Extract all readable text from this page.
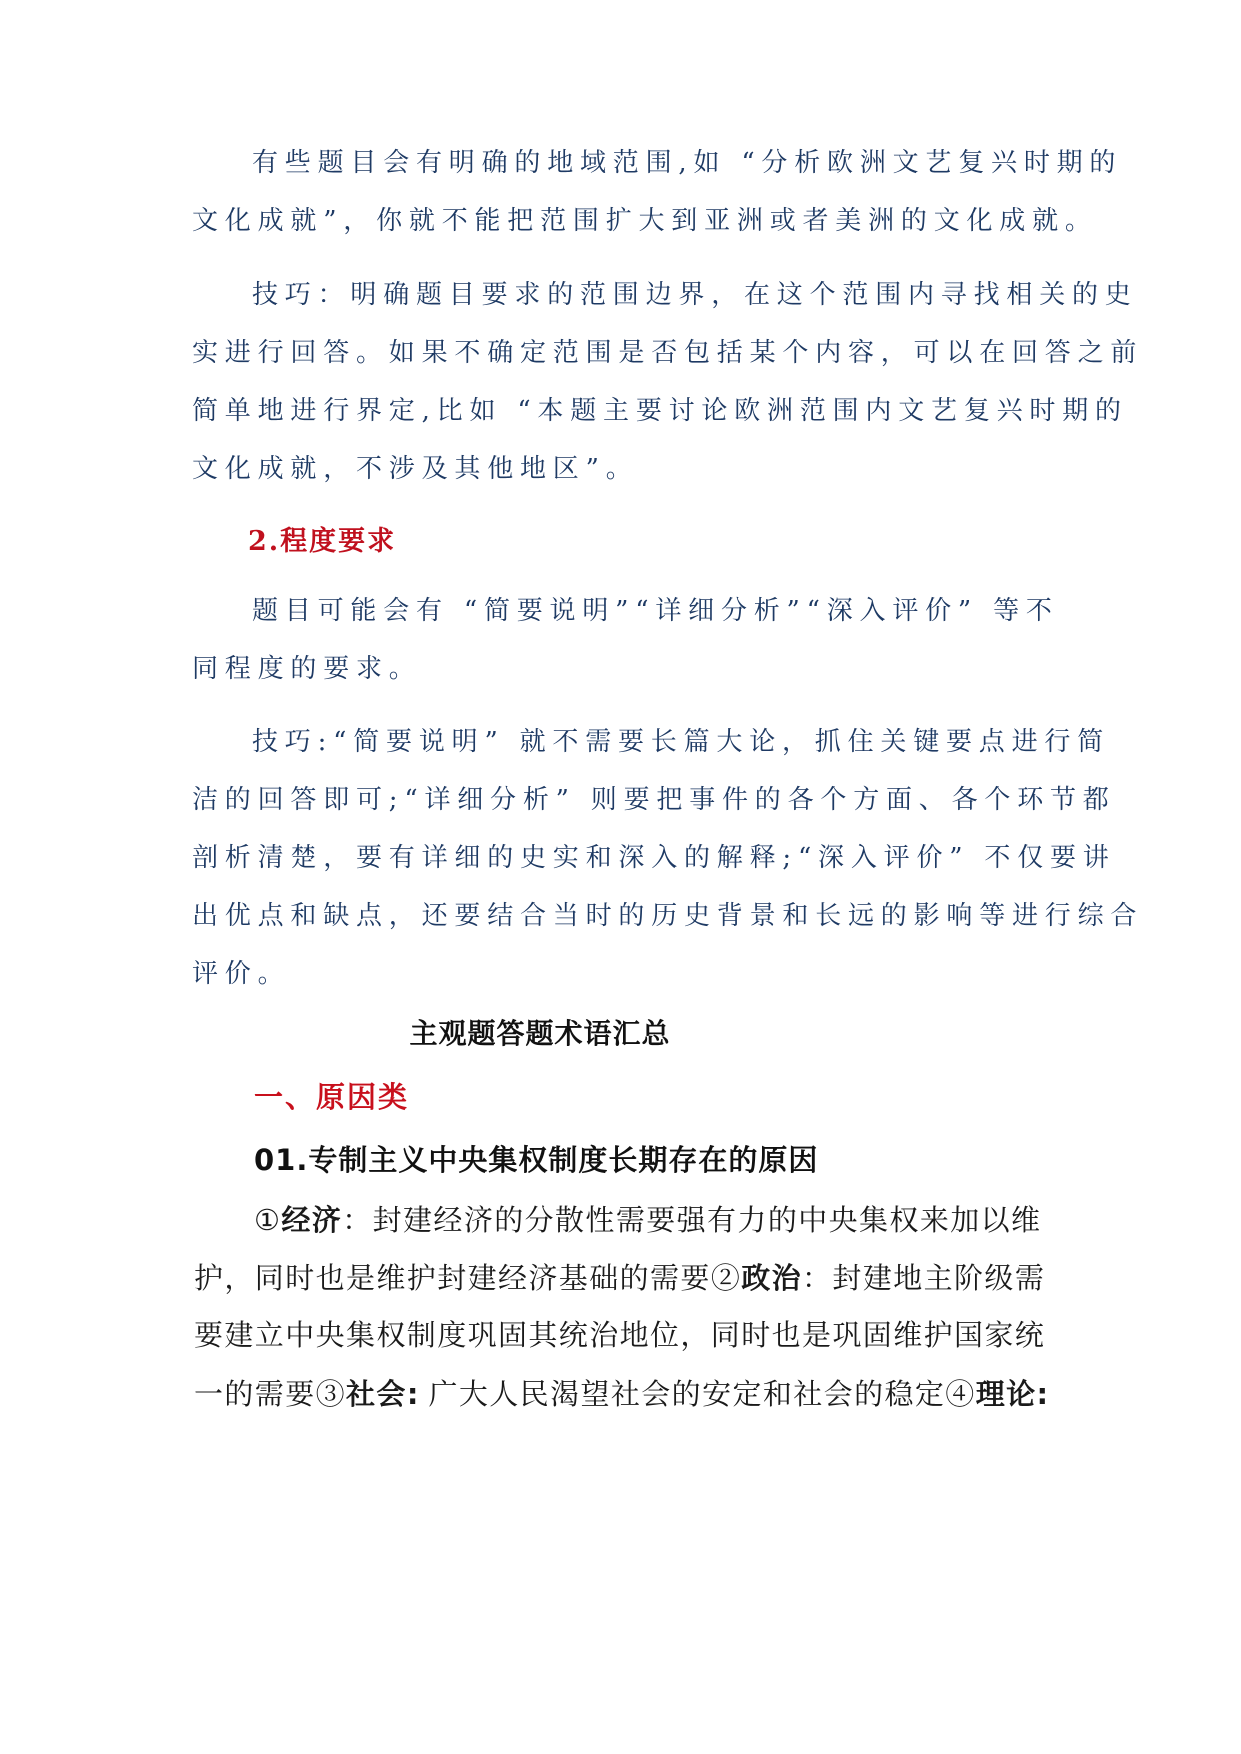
有些题目会有明确的地域范围,如 “分析欧洲文艺复兴时期的

文化成就”，你就不能把范围扩大到亚洲或者美洲的文化成就。

技巧：明确题目要求的范围边界，在这个范围内寻找相关的史

实进行回答。如果不确定范围是否包括某个内容，可以在回答之前

简单地进行界定,比如 “本题主要讨论欧洲范围内文艺复兴时期的

文化成就，不涉及其他地区”。

2.程度要求

题目可能会有 “简要说明”“详细分析”“深入评价” 等不

同程度的要求。

技巧:“简要说明” 就不需要长篇大论，抓住关键要点进行简

洁的回答即可;“详细分析” 则要把事件的各个方面、各个环节都

剖析清楚，要有详细的史实和深入的解释;“深入评价” 不仅要讲

出优点和缺点，还要结合当时的历史背景和长远的影响等进行综合

评价。

主观题答题术语汇总

一、原因类

01.专制主义中央集权制度长期存在的原因

①经济：封建经济的分散性需要强有力的中央集权来加以维

护，同时也是维护封建经济基础的需要②政治：封建地主阶级需

要建立中央集权制度巩固其统治地位，同时也是巩固维护国家统

一的需要③社会: 广大人民渴望社会的安定和社会的稳定④理论:
